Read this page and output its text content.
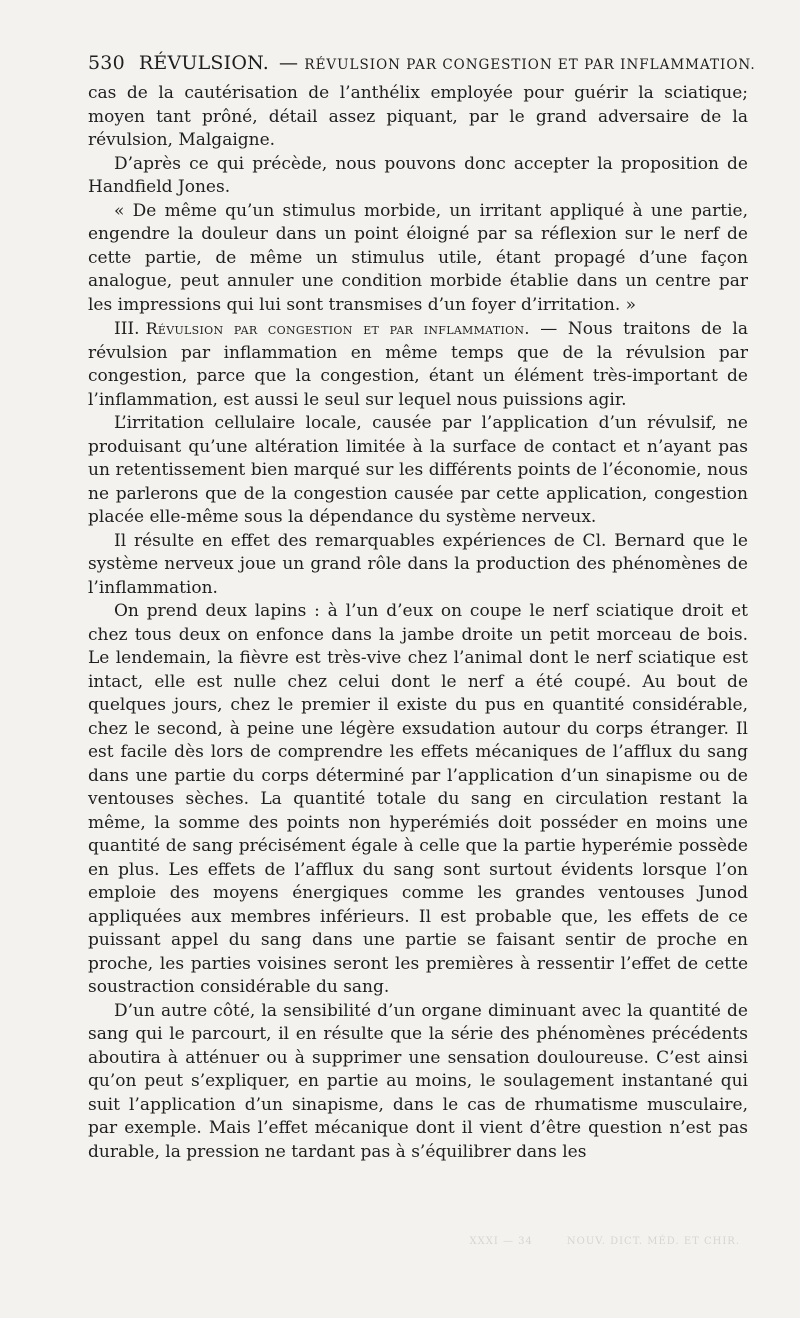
530 RÉVULSION. — RÉVULSION PAR CONGESTION ET PAR INFLAMMATION.

cas de la cautérisation de l’anthélix employée pour guérir la sciatique; moyen tant prôné, détail assez piquant, par le grand adversaire de la révulsion, Malgaigne.

D’après ce qui précède, nous pouvons donc accepter la proposition de Handfield Jones.

« De même qu’un stimulus morbide, un irritant appliqué à une partie, engendre la douleur dans un point éloigné par sa réflexion sur le nerf de cette partie, de même un stimulus utile, étant propagé d’une façon analogue, peut annuler une condition morbide établie dans un centre par les impressions qui lui sont transmises d’un foyer d’irritation. »

III. Révulsion par congestion et par inflammation. — Nous traitons de la révulsion par inflammation en même temps que de la révulsion par congestion, parce que la congestion, étant un élément très-important de l’inflammation, est aussi le seul sur lequel nous puissions agir.

L’irritation cellulaire locale, causée par l’application d’un révulsif, ne produisant qu’une altération limitée à la surface de contact et n’ayant pas un retentissement bien marqué sur les différents points de l’économie, nous ne parlerons que de la congestion causée par cette application, congestion placée elle-même sous la dépendance du système nerveux.

Il résulte en effet des remarquables expériences de Cl. Bernard que le système nerveux joue un grand rôle dans la production des phénomènes de l’inflammation.

On prend deux lapins : à l’un d’eux on coupe le nerf sciatique droit et chez tous deux on enfonce dans la jambe droite un petit morceau de bois. Le lendemain, la fièvre est très-vive chez l’animal dont le nerf sciatique est intact, elle est nulle chez celui dont le nerf a été coupé. Au bout de quelques jours, chez le premier il existe du pus en quantité considérable, chez le second, à peine une légère exsudation autour du corps étranger. Il est facile dès lors de comprendre les effets mécaniques de l’afflux du sang dans une partie du corps déterminé par l’application d’un sinapisme ou de ventouses sèches. La quantité totale du sang en circulation restant la même, la somme des points non hyperémiés doit posséder en moins une quantité de sang précisément égale à celle que la partie hyperémie possède en plus. Les effets de l’afflux du sang sont surtout évidents lorsque l’on emploie des moyens énergiques comme les grandes ventouses Junod appliquées aux membres inférieurs. Il est probable que, les effets de ce puissant appel du sang dans une partie se faisant sentir de proche en proche, les parties voisines seront les premières à ressentir l’effet de cette soustraction considérable du sang.

D’un autre côté, la sensibilité d’un organe diminuant avec la quantité de sang qui le parcourt, il en résulte que la série des phénomènes précédents aboutira à atténuer ou à supprimer une sensation douloureuse. C’est ainsi qu’on peut s’expliquer, en partie au moins, le soulagement instantané qui suit l’application d’un sinapisme, dans le cas de rhumatisme musculaire, par exemple. Mais l’effet mécanique dont il vient d’être question n’est pas durable, la pression ne tardant pas à s’équilibrer dans les

XXXI — 34	NOUV. DICT. MÉD. ET CHIR.
